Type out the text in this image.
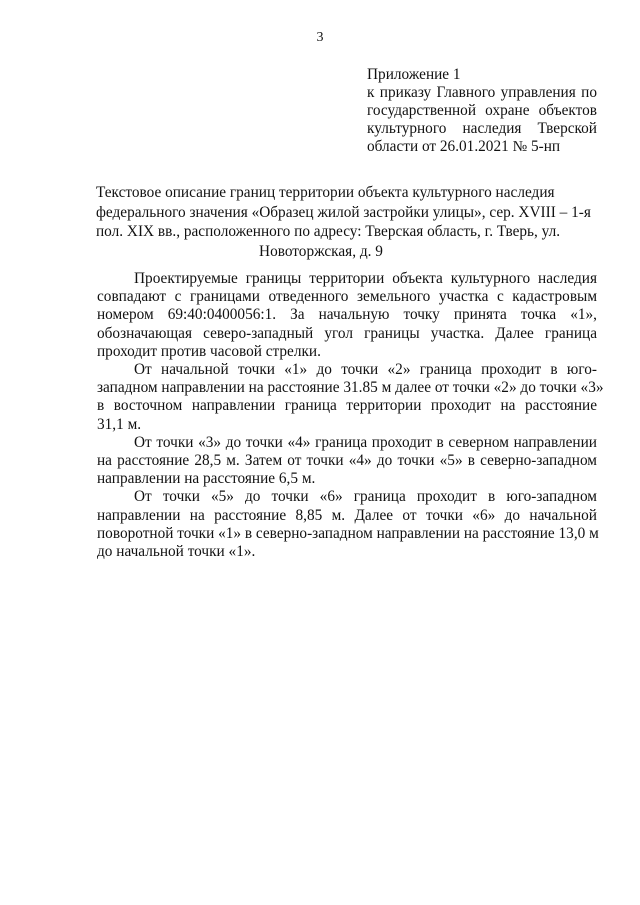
3
Приложение 1
к приказу Главного управления по
государственной охране объектов
культурного наследия Тверской
области от 26.01.2021 № 5-нп
Текстовое описание границ территории объекта культурного наследия
федерального значения «Образец жилой застройки улицы», сер. XVIII – 1-я
пол. XIX вв., расположенного по адресу: Тверская область, г. Тверь, ул.
Новоторжская, д. 9
Проектируемые границы территории объекта культурного наследия
совпадают с границами отведенного земельного участка с кадастровым
номером 69:40:0400056:1. За начальную точку принята точка «1»,
обозначающая северо-западный угол границы участка. Далее граница
проходит против часовой стрелки.
От начальной точки «1» до точки «2» граница проходит в юго-
западном направлении на расстояние 31.85 м далее от точки «2» до точки «3»
в восточном направлении граница территории проходит на расстояние
31,1 м.
От точки «3» до точки «4» граница проходит в северном направлении
на расстояние 28,5 м. Затем от точки «4» до точки «5» в северно-западном
направлении на расстояние 6,5 м.
От точки «5» до точки «6» граница проходит в юго-западном
направлении на расстояние 8,85 м. Далее от точки «6» до начальной
поворотной точки «1» в северно-западном направлении на расстояние 13,0 м
до начальной точки «1».
